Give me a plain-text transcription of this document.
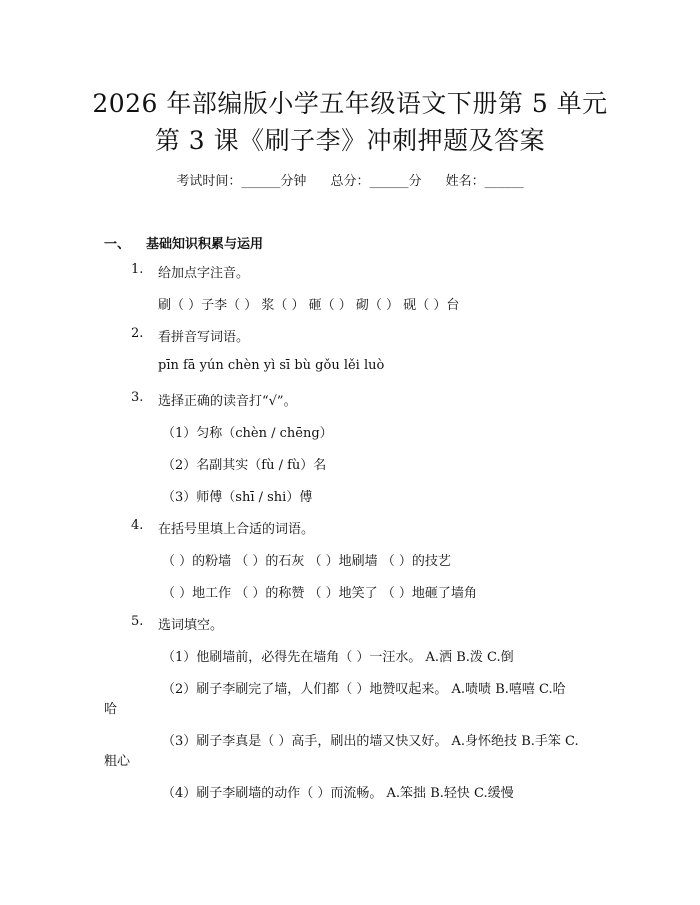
2026 年部编版小学五年级语文下册第 5 单元
第 3 课《刷子李》冲刺押题及答案
考试时间：______分钟 总分：______分 姓名：______
一、 基础知识积累与运用
1. 给加点字注音。
刷（ ）子李（ ） 浆（ ） 砸（ ） 砌（ ） 砚（ ）台
2. 看拼音写词语。
pīn fā yún chèn yì sī bù gǒu lěi luò
3. 选择正确的读音打“√”。
（1）匀称（chèn / chēng）
（2）名副其实（fù / fù）名
（3）师傅（shī / shi）傅
4. 在括号里填上合适的词语。
（ ）的粉墙 （ ）的石灰 （ ）地刷墙 （ ）的技艺
（ ）地工作 （ ）的称赞 （ ）地笑了 （ ）地砸了墙角
5. 选词填空。
（1）他刷墙前，必得先在墙角（ ）一汪水。 A.洒 B.泼 C.倒
（2）刷子李刷完了墙，人们都（ ）地赞叹起来。 A.啧啧 B.嘻嘻 C.哈
哈
（3）刷子李真是（ ）高手，刷出的墙又快又好。 A.身怀绝技 B.手笨 C.
粗心
（4）刷子李刷墙的动作（ ）而流畅。 A.笨拙 B.轻快 C.缓慢
